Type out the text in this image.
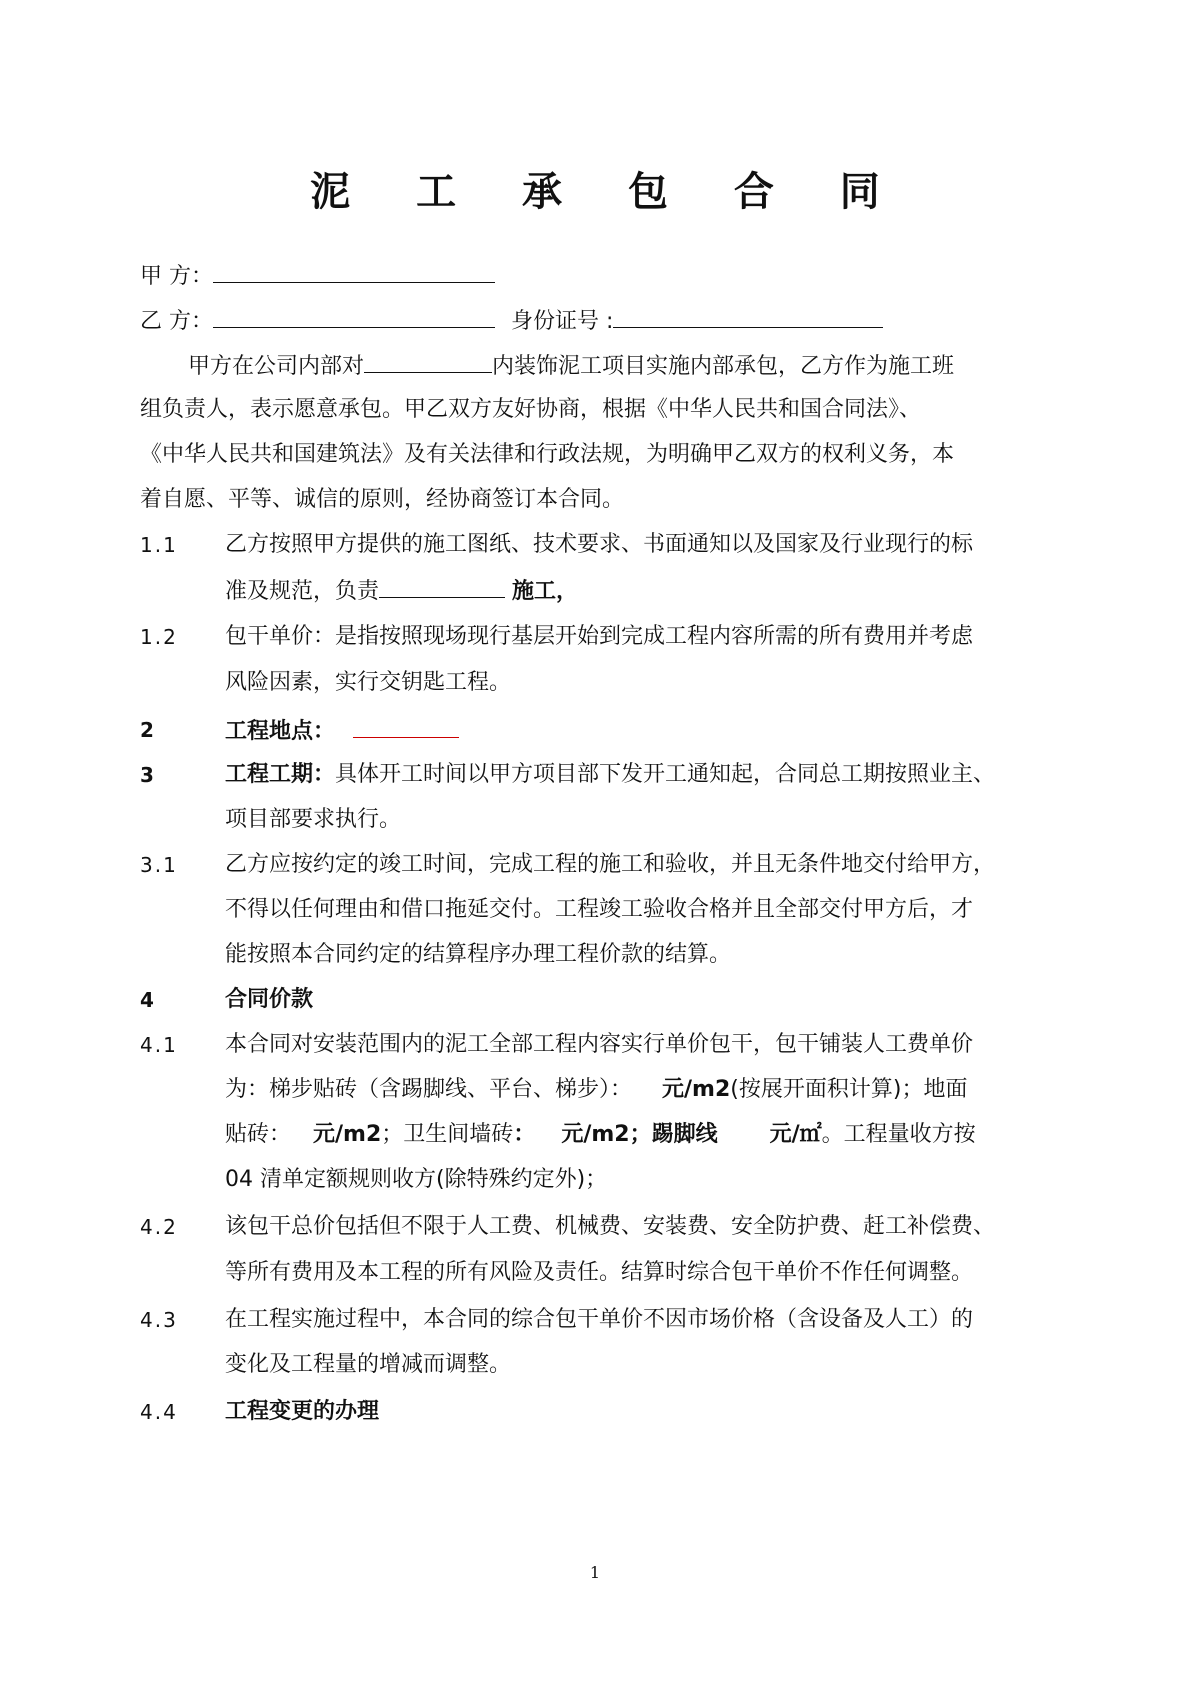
泥 工 承 包 合 同
甲 方：
乙 方：	身份证号 :
甲方在公司内部对	内装饰泥工项目实施内部承包，乙方作为施工班
组负责人，表示愿意承包。甲乙双方友好协商，根据《中华人民共和国合同法》、
《中华人民共和国建筑法》及有关法律和行政法规，为明确甲乙双方的权利义务，本
着自愿、平等、诚信的原则，经协商签订本合同。
1.1 乙方按照甲方提供的施工图纸、技术要求、书面通知以及国家及行业现行的标
准及规范，负责	施工，
1.2 包干单价：是指按照现场现行基层开始到完成工程内容所需的所有费用并考虑
风险因素，实行交钥匙工程。
2	工程地点：
3	工程工期：具体开工时间以甲方项目部下发开工通知起，合同总工期按照业主、
项目部要求执行。
3.1 乙方应按约定的竣工时间，完成工程的施工和验收，并且无条件地交付给甲方，
不得以任何理由和借口拖延交付。工程竣工验收合格并且全部交付甲方后，才
能按照本合同约定的结算程序办理工程价款的结算。
4	合同价款
4.1 本合同对安装范围内的泥工全部工程内容实行单价包干，包干铺装人工费单价
为：梯步贴砖（含踢脚线、平台、梯步）： 元/m2(按展开面积计算)；地面
贴砖： 元/m2；卫生间墙砖： 元/m2；踢脚线 元/㎡。工程量收方按
04 清单定额规则收方(除特殊约定外)；
4.2 该包干总价包括但不限于人工费、机械费、安装费、安全防护费、赶工补偿费、
等所有费用及本工程的所有风险及责任。结算时综合包干单价不作任何调整。
4.3 在工程实施过程中，本合同的综合包干单价不因市场价格（含设备及人工）的
变化及工程量的增减而调整。
4.4 工程变更的办理
1
